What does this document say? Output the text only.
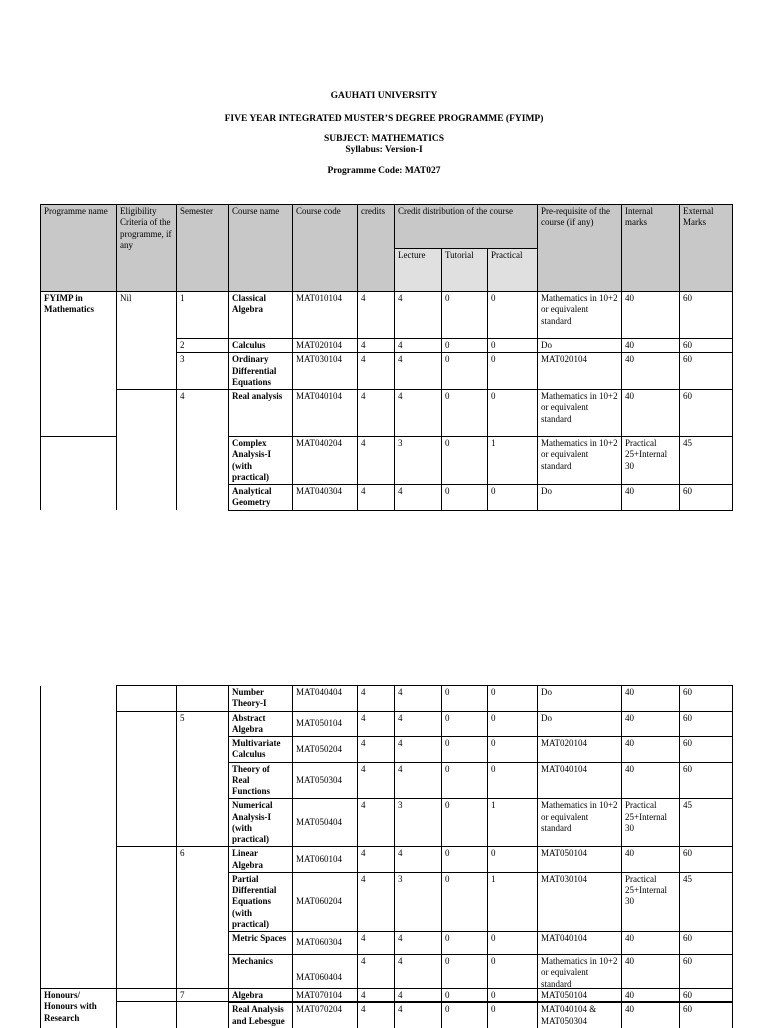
GAUHATI UNIVERSITY
FIVE YEAR INTEGRATED MUSTER’S DEGREE PROGRAMME (FYIMP)
SUBJECT: MATHEMATICS
Syllabus: Version-I
Programme Code: MAT027
Programme name	Eligibility Criteria of the programme, if any	Semester	Course name	Course code	credits	Credit distribution of the course			Pre-requisite of the course (if any)	Internal marks	External Marks
						Lecture	Tutorial	Practical			
FYIMP in Mathematics	Nil	1	Classical Algebra	MAT010104	4	4	0	0	Mathematics in 10+2 or equivalent standard	40	60
		2	Calculus	MAT020104	4	4	0	0	Do	40	60
		3	Ordinary Differential Equations	MAT030104	4	4	0	0	MAT020104	40	60
		4	Real analysis	MAT040104	4	4	0	0	Mathematics in 10+2 or equivalent standard	40	60
			Complex Analysis-I (with practical)	MAT040204	4	3	0	1	Mathematics in 10+2 or equivalent standard	Practical 25+Internal 30	45
			Analytical Geometry	MAT040304	4	4	0	0	Do	40	60
			Number Theory-I	MAT040404	4	4	0	0	Do	40	60
		5	Abstract Algebra	MAT050104	4	4	0	0	Do	40	60
			Multivariate Calculus	MAT050204	4	4	0	0	MAT020104	40	60
			Theory of Real Functions	MAT050304	4	4	0	0	MAT040104	40	60
			Numerical Analysis-I (with practical)	MAT050404	4	3	0	1	Mathematics in 10+2 or equivalent standard	Practical 25+Internal 30	45
		6	Linear Algebra	MAT060104	4	4	0	0	MAT050104	40	60
			Partial Differential Equations (with practical)	MAT060204	4	3	0	1	MAT030104	Practical 25+Internal 30	45
			Metric Spaces	MAT060304	4	4	0	0	MAT040104	40	60
			Mechanics	MAT060404	4	4	0	0	Mathematics in 10+2 or equivalent standard	40	60
Honours/ Honours with Research		7	Algebra	MAT070104	4	4	0	0	MAT050104	40	60
			Real Analysis and Lebesgue	MAT070204	4	4	0	0	MAT040104 & MAT050304	40	60
